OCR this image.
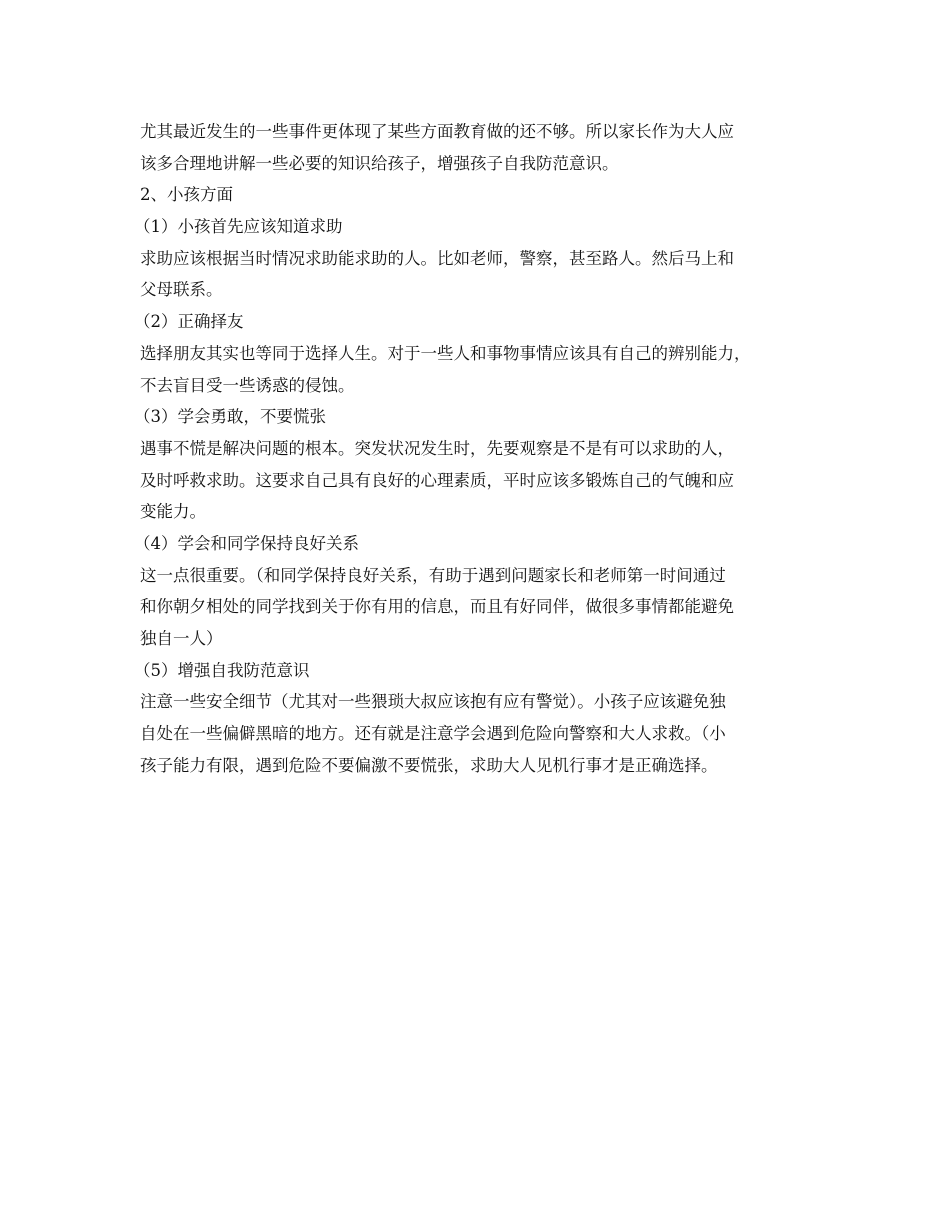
尤其最近发生的一些事件更体现了某些方面教育做的还不够。所以家长作为大人应

该多合理地讲解一些必要的知识给孩子，增强孩子自我防范意识。

2、小孩方面

（1）小孩首先应该知道求助

求助应该根据当时情况求助能求助的人。比如老师，警察，甚至路人。然后马上和

父母联系。

（2）正确择友

选择朋友其实也等同于选择人生。对于一些人和事物事情应该具有自己的辨别能力，

不去盲目受一些诱惑的侵蚀。

（3）学会勇敢，不要慌张

遇事不慌是解决问题的根本。突发状况发生时，先要观察是不是有可以求助的人，

及时呼救求助。这要求自己具有良好的心理素质，平时应该多锻炼自己的气魄和应

变能力。

（4）学会和同学保持良好关系

这一点很重要。（和同学保持良好关系，有助于遇到问题家长和老师第一时间通过

和你朝夕相处的同学找到关于你有用的信息，而且有好同伴，做很多事情都能避免

独自一人）

（5）增强自我防范意识

注意一些安全细节（尤其对一些猥琐大叔应该抱有应有警觉）。小孩子应该避免独

自处在一些偏僻黑暗的地方。还有就是注意学会遇到危险向警察和大人求救。（小

孩子能力有限，遇到危险不要偏激不要慌张，求助大人见机行事才是正确选择。
